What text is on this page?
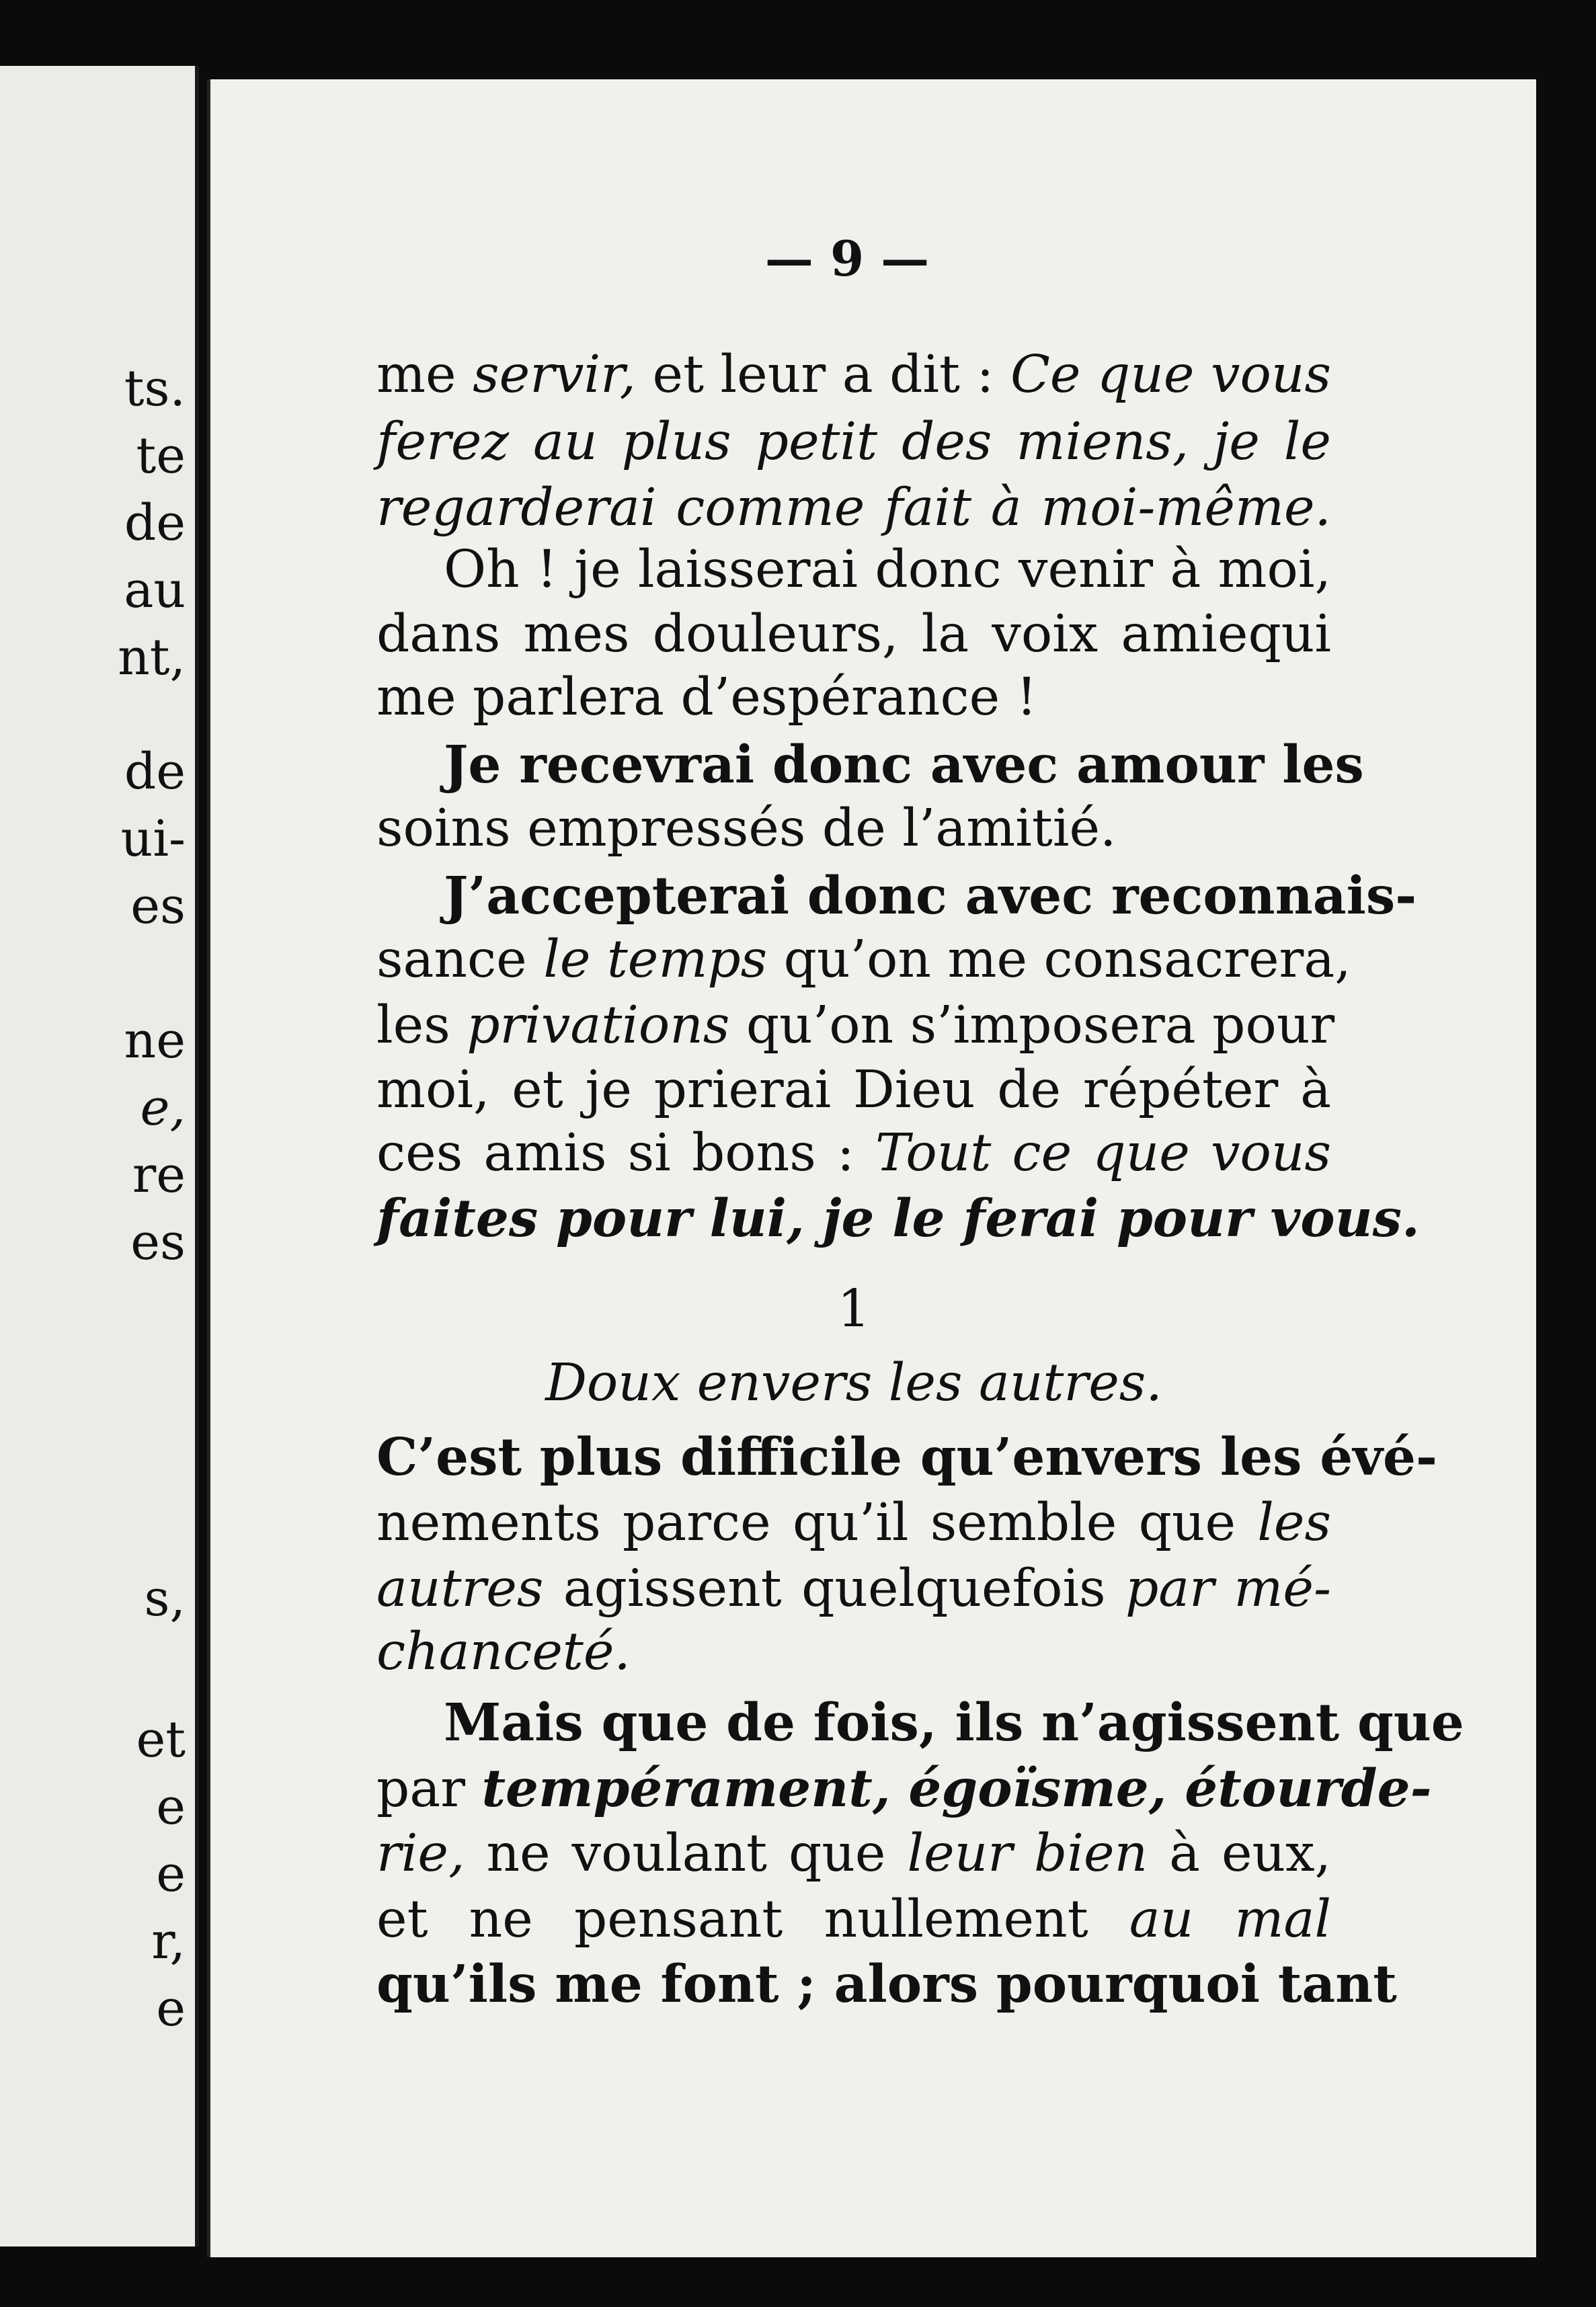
ts.
te
de
au
nt,
de
ui-
es
ne
e,
re
es
s,
et
e
e
r,
e
— 9 —
me servir, et leur a dit : Ce que vous
ferez au plus petit des miens, je le
regarderai comme fait à moi-même.
Oh ! je laisserai donc venir à moi,
dans mes douleurs, la voix amiequi
me parlera d’espérance !
Je recevrai donc avec amour les
soins empressés de l’amitié.
J’accepterai donc avec reconnais-
sance le temps qu’on me consacrera,
les privations qu’on s’imposera pour
moi, et je prierai Dieu de répéter à
ces amis si bons : Tout ce que vous
faites pour lui, je le ferai pour vous.
1
Doux envers les autres.
C’est plus difficile qu’envers les évé-
nements parce qu’il semble que les
autres agissent quelquefois par mé-
chanceté.
Mais que de fois, ils n’agissent que
par tempérament, égoïsme, étourde-
rie, ne voulant que leur bien à eux,
et ne pensant nullement au mal
qu’ils me font ; alors pourquoi tant
